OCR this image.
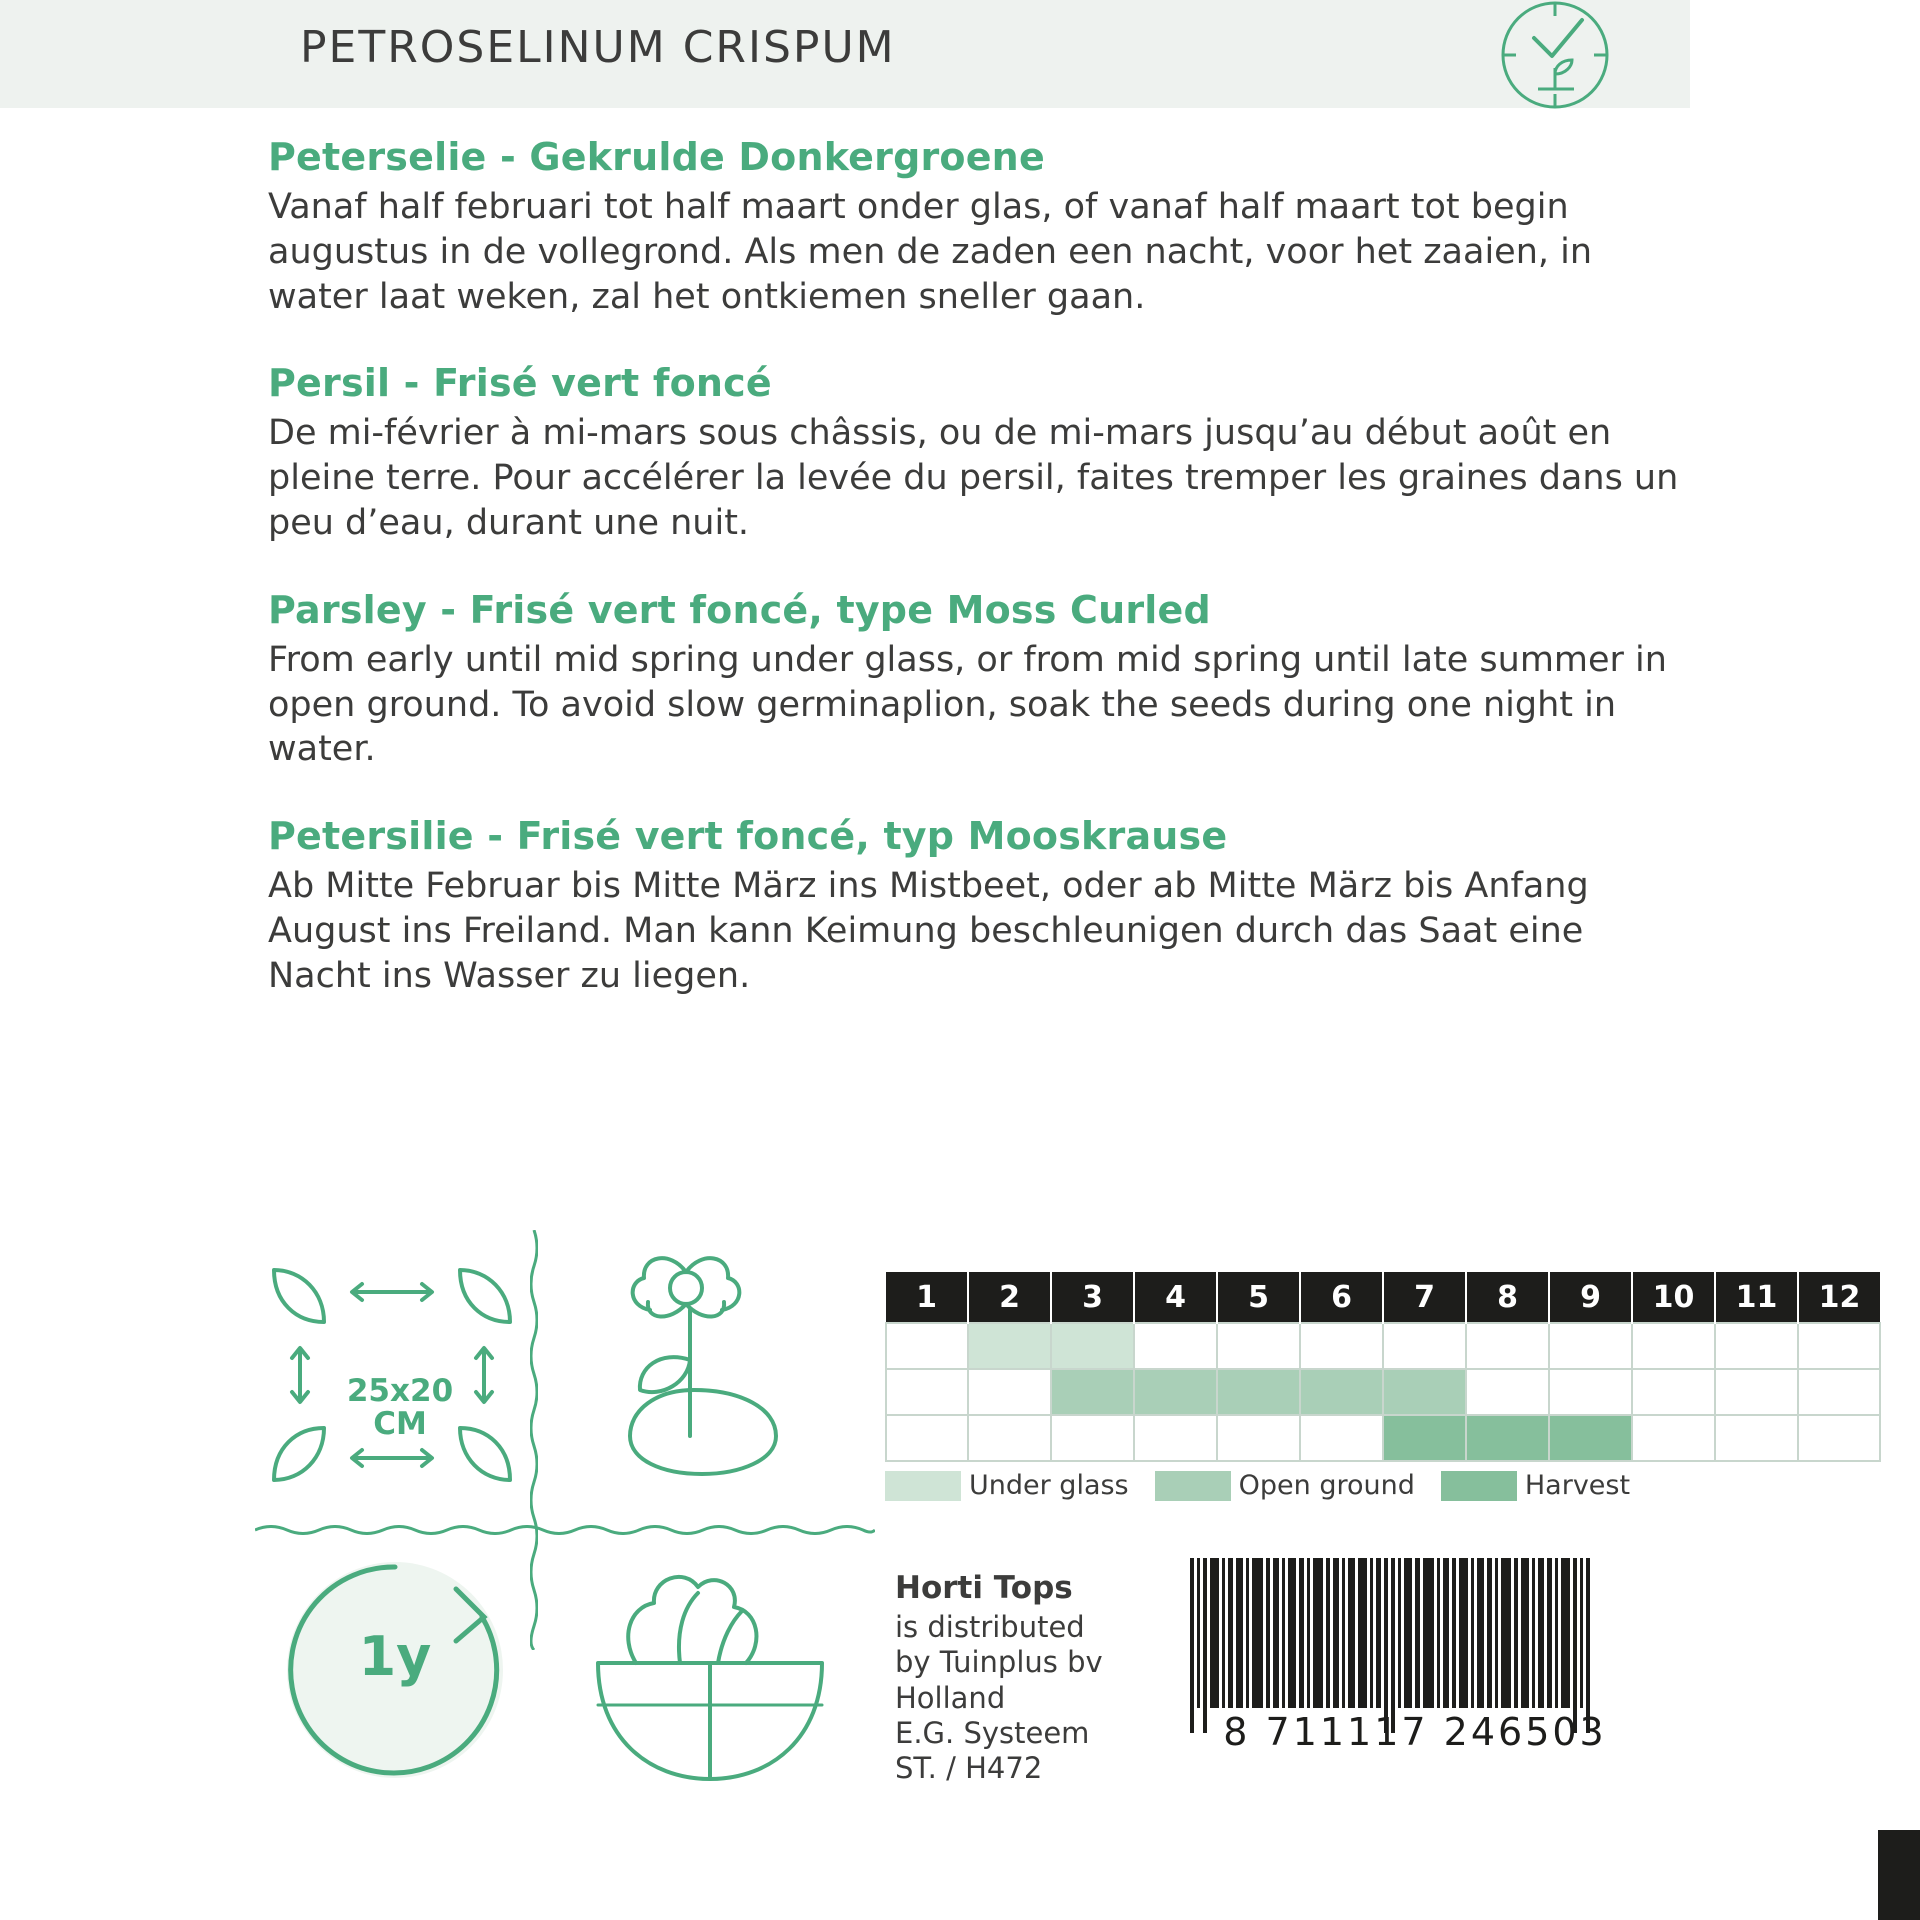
PETROSELINUM CRISPUM
Peterselie - Gekrulde Donkergroene

Vanaf half februari tot half maart onder glas, of vanaf half maart tot begin augustus in de vollegrond. Als men de zaden een nacht, voor het zaaien, in water laat weken, zal het ontkiemen sneller gaan.

Persil - Frisé vert foncé

De mi-février à mi-mars sous châssis, ou de mi-mars jusqu’au début août en pleine terre. Pour accélérer la levée du persil, faites tremper les graines dans un peu d’eau, durant une nuit.

Parsley - Frisé vert foncé, type Moss Curled

From early until mid spring under glass, or from mid spring until late summer in open ground. To avoid slow germinaplion, soak the seeds during one night in water.

Petersilie - Frisé vert foncé, typ Mooskrause

Ab Mitte Februar bis Mitte März ins Mistbeet, oder ab Mitte März bis Anfang August ins Freiland. Man kann Keimung beschleunigen durch das Saat eine Nacht ins Wasser zu liegen.

25x20
CM
1y
1	2	3	4	5	6	7	8	9	10	11	12

Under glass	Open ground	Harvest
Horti Tops
is distributed
by Tuinplus bv
Holland
E.G. Systeem
ST. / H472
8 711117 246503
